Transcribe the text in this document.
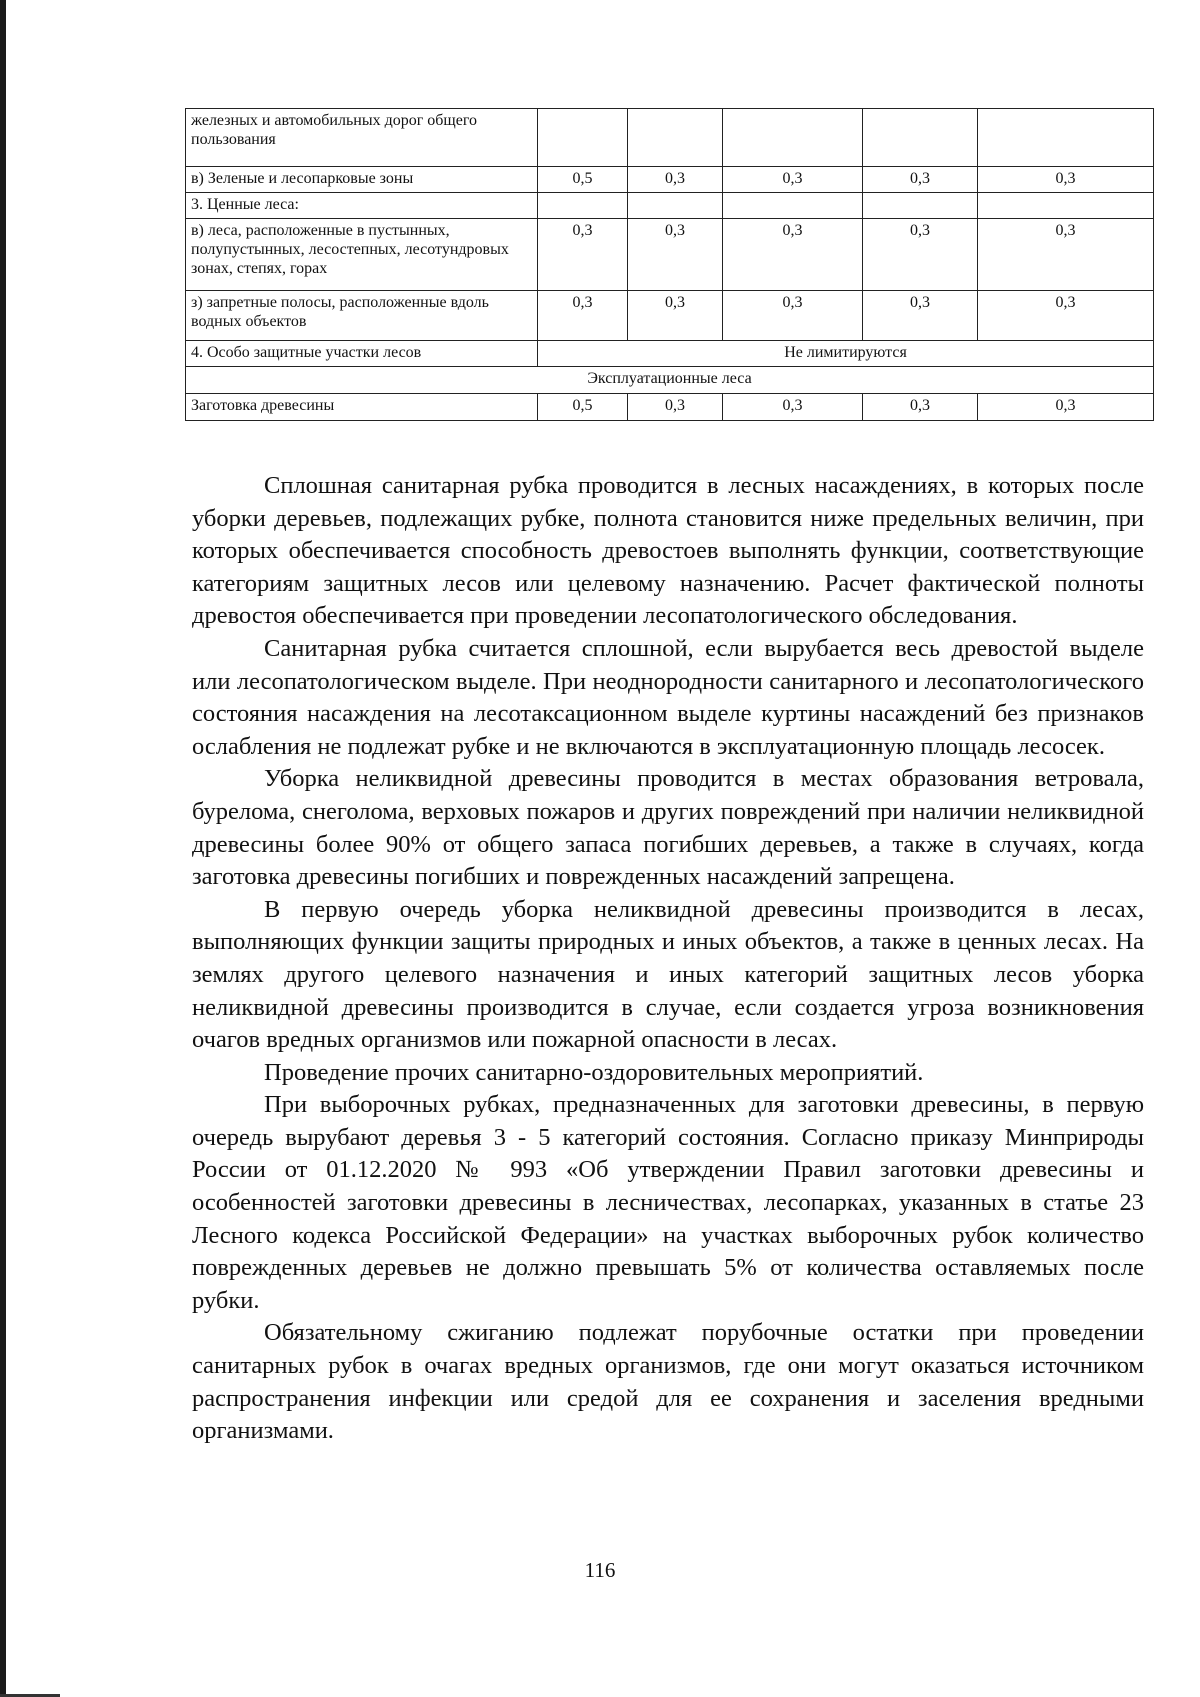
железных и автомобильных дорог общего пользования					
в) Зеленые и лесопарковые зоны	0,5	0,3	0,3	0,3	0,3
3. Ценные леса:					
в) леса, расположенные в пустынных, полупустынных, лесостепных, лесотундровых зонах, степях, горах	0,3	0,3	0,3	0,3	0,3
з) запретные полосы, расположенные вдоль водных объектов	0,3	0,3	0,3	0,3	0,3
4. Особо защитные участки лесов	Не лимитируются				
Эксплуатационные леса					
Заготовка древесины	0,5	0,3	0,3	0,3	0,3

Сплошная санитарная рубка проводится в лесных насаждениях, в которых после уборки деревьев, подлежащих рубке, полнота становится ниже предельных величин, при которых обеспечивается способность древостоев выполнять функции, соответствующие категориям защитных лесов или целевому назначению. Расчет фактической полноты древостоя обеспечивается при проведении лесопатологического обследования.

Санитарная рубка считается сплошной, если вырубается весь древостой выделе или лесопатологическом выделе. При неоднородности санитарного и лесопатологического состояния насаждения на лесотаксационном выделе куртины насаждений без признаков ослабления не подлежат рубке и не включаются в эксплуатационную площадь лесосек.

Уборка неликвидной древесины проводится в местах образования ветровала, бурелома, снеголома, верховых пожаров и других повреждений при наличии неликвидной древесины более 90% от общего запаса погибших деревьев, а также в случаях, когда заготовка древесины погибших и поврежденных насаждений запрещена.

В первую очередь уборка неликвидной древесины производится в лесах, выполняющих функции защиты природных и иных объектов, а также в ценных лесах. На землях другого целевого назначения и иных категорий защитных лесов уборка неликвидной древесины производится в случае, если создается угроза возникновения очагов вредных организмов или пожарной опасности в лесах.

Проведение прочих санитарно-оздоровительных мероприятий.

При выборочных рубках, предназначенных для заготовки древесины, в первую очередь вырубают деревья 3 - 5 категорий состояния. Согласно приказу Минприроды России от 01.12.2020 № 993 «Об утверждении Правил заготовки древесины и особенностей заготовки древесины в лесничествах, лесопарках, указанных в статье 23 Лесного кодекса Российской Федерации» на участках выборочных рубок количество поврежденных деревьев не должно превышать 5% от количества оставляемых после рубки.

Обязательному сжиганию подлежат порубочные остатки при проведении санитарных рубок в очагах вредных организмов, где они могут оказаться источником распространения инфекции или средой для ее сохранения и заселения вредными организмами.

116
